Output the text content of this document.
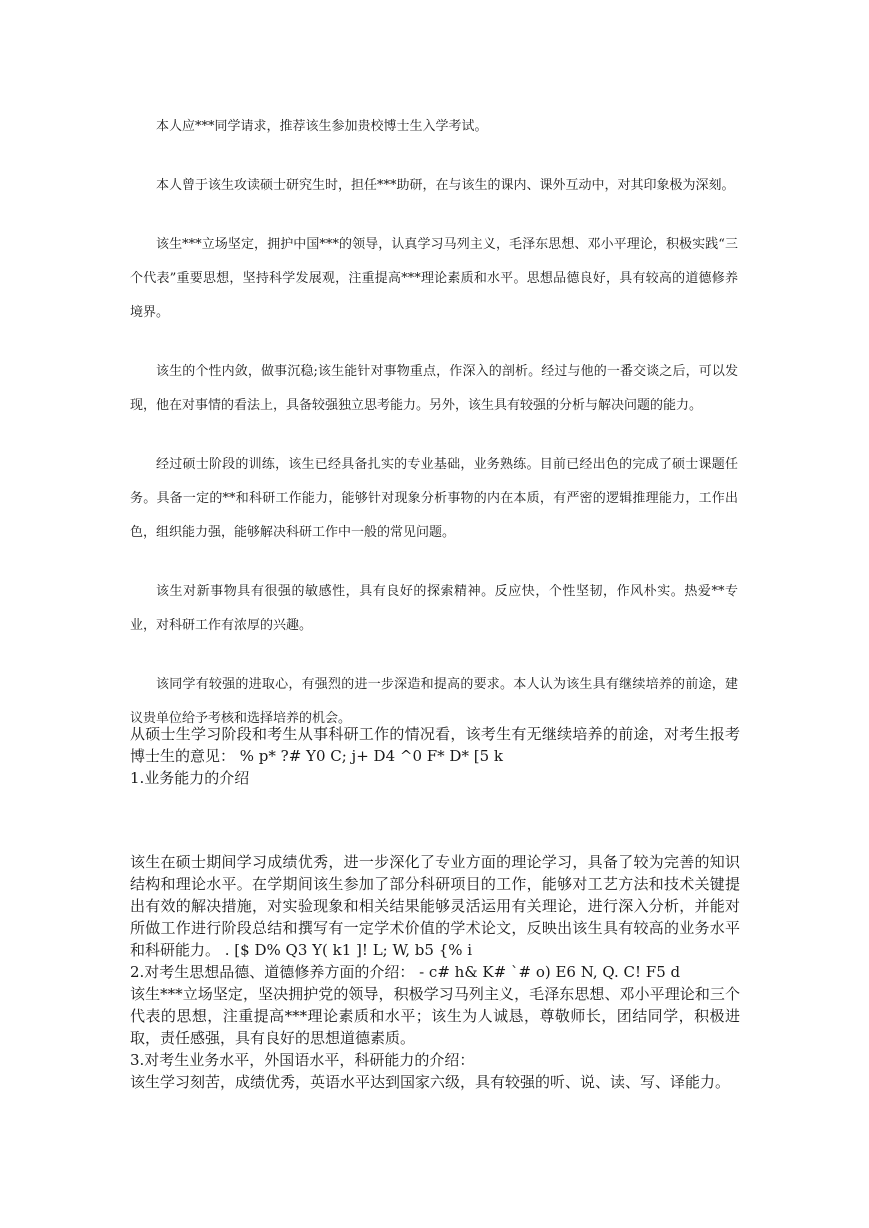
本人应***同学请求，推荐该生参加贵校博士生入学考试。

本人曾于该生攻读硕士研究生时，担任***助研，在与该生的课内、课外互动中，对其印象极为深刻。

该生***立场坚定，拥护中国***的领导，认真学习马列主义，毛泽东思想、邓小平理论，积极实践“三个代表”重要思想，坚持科学发展观，注重提高***理论素质和水平。思想品德良好，具有较高的道德修养境界。

该生的个性内敛，做事沉稳;该生能针对事物重点，作深入的剖析。经过与他的一番交谈之后，可以发现，他在对事情的看法上，具备较强独立思考能力。另外，该生具有较强的分析与解决问题的能力。

经过硕士阶段的训练，该生已经具备扎实的专业基础，业务熟练。目前已经出色的完成了硕士课题任务。具备一定的**和科研工作能力，能够针对现象分析事物的内在本质，有严密的逻辑推理能力，工作出色，组织能力强，能够解决科研工作中一般的常见问题。

该生对新事物具有很强的敏感性，具有良好的探索精神。反应快，个性坚韧，作风朴实。热爱**专业，对科研工作有浓厚的兴趣。

该同学有较强的进取心，有强烈的进一步深造和提高的要求。本人认为该生具有继续培养的前途，建议贵单位给予考核和选择培养的机会。

从硕士生学习阶段和考生从事科研工作的情况看，该考生有无继续培养的前途，对考生报考博士生的意见： % p* ?# Y0 C; j+ D4 ^0 F* D* [5 k

1.业务能力的介绍

该生在硕士期间学习成绩优秀，进一步深化了专业方面的理论学习，具备了较为完善的知识结构和理论水平。在学期间该生参加了部分科研项目的工作，能够对工艺方法和技术关键提出有效的解决措施，对实验现象和相关结果能够灵活运用有关理论，进行深入分析，并能对所做工作进行阶段总结和撰写有一定学术价值的学术论文，反映出该生具有较高的业务水平和科研能力。 . [$ D% Q3 Y( k1 ]! L; W, b5 {% i

2.对考生思想品德、道德修养方面的介绍： - c# h& K# `# o) E6 N, Q. C! F5 d

该生***立场坚定，坚决拥护党的领导，积极学习马列主义，毛泽东思想、邓小平理论和三个代表的思想，注重提高***理论素质和水平；该生为人诚恳，尊敬师长，团结同学，积极进取，责任感强，具有良好的思想道德素质。

3.对考生业务水平，外国语水平，科研能力的介绍：

该生学习刻苦，成绩优秀，英语水平达到国家六级，具有较强的听、说、读、写、译能力。
